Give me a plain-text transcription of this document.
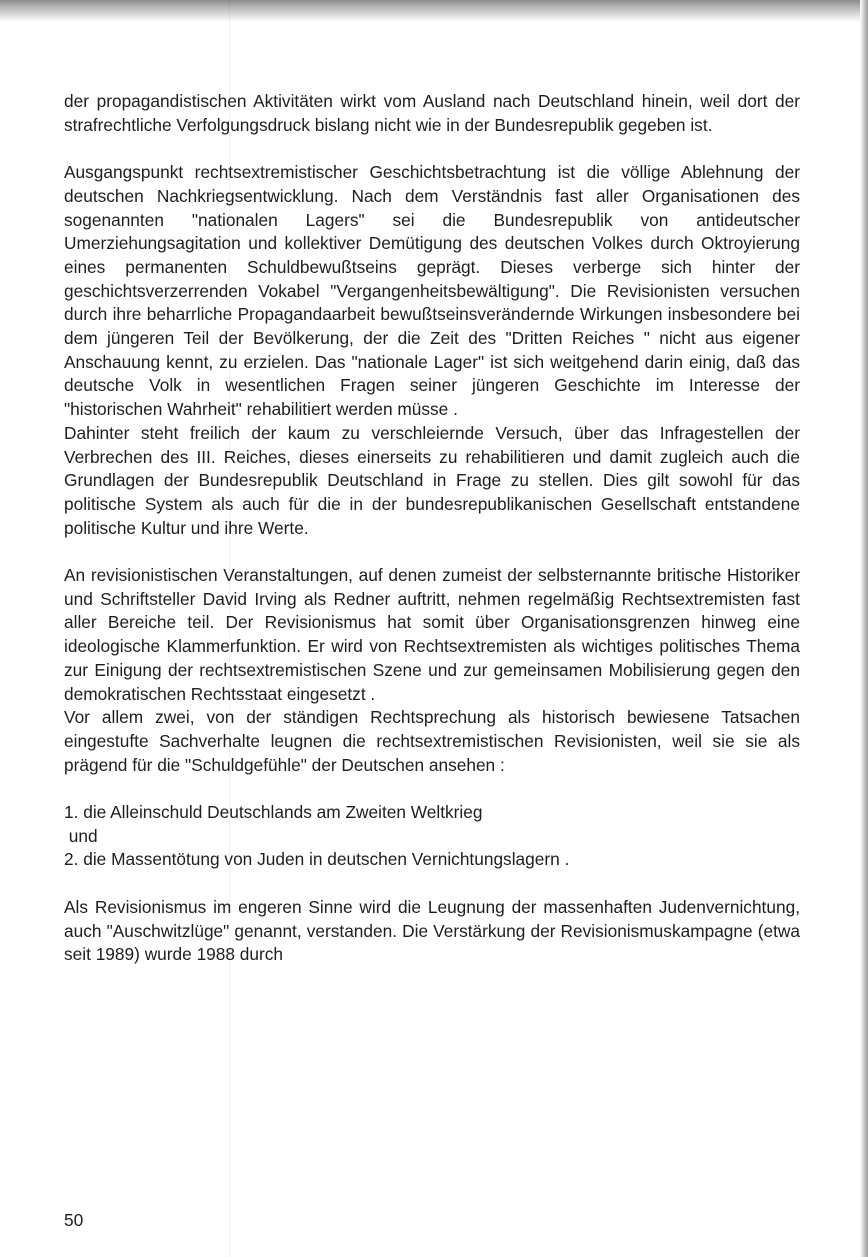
der propagandistischen Aktivitäten wirkt vom Ausland nach Deutschland hinein, weil dort der strafrechtliche Verfolgungsdruck bislang nicht wie in der Bundesrepublik gegeben ist.

Ausgangspunkt rechtsextremistischer Geschichtsbetrachtung ist die völlige Ablehnung der deutschen Nachkriegsentwicklung. Nach dem Verständnis fast aller Organisationen des sogenannten "nationalen Lagers" sei die Bundesrepublik von antideutscher Umerziehungsagitation und kollektiver Demütigung des deutschen Volkes durch Oktroyierung eines permanenten Schuldbewußtseins geprägt. Dieses verberge sich hinter der geschichtsverzerrenden Vokabel "Vergangenheitsbewältigung". Die Revisionisten versuchen durch ihre beharrliche Propagandaarbeit bewußtseinsverändernde Wirkungen insbesondere bei dem jüngeren Teil der Bevölkerung, der die Zeit des "Dritten Reiches " nicht aus eigener Anschauung kennt, zu erzielen. Das "nationale Lager" ist sich weitgehend darin einig, daß das deutsche Volk in wesentlichen Fragen seiner jüngeren Geschichte im Interesse der "historischen Wahrheit" rehabilitiert werden müsse .

Dahinter steht freilich der kaum zu verschleiernde Versuch, über das Infragestellen der Verbrechen des III. Reiches, dieses einerseits zu rehabilitieren und damit zugleich auch die Grundlagen der Bundesrepublik Deutschland in Frage zu stellen. Dies gilt sowohl für das politische System als auch für die in der bundesrepublikanischen Gesellschaft entstandene politische Kultur und ihre Werte.

An revisionistischen Veranstaltungen, auf denen zumeist der selbsternannte britische Historiker und Schriftsteller David Irving als Redner auftritt, nehmen regelmäßig Rechtsextremisten fast aller Bereiche teil. Der Revisionismus hat somit über Organisationsgrenzen hinweg eine ideologische Klammerfunktion. Er wird von Rechtsextremisten als wichtiges politisches Thema zur Einigung der rechtsextremistischen Szene und zur gemeinsamen Mobilisierung gegen den demokratischen Rechtsstaat eingesetzt .

Vor allem zwei, von der ständigen Rechtsprechung als historisch bewiesene Tatsachen eingestufte Sachverhalte leugnen die rechtsextremistischen Revisionisten, weil sie sie als prägend für die "Schuldgefühle" der Deutschen ansehen :

1. die Alleinschuld Deutschlands am Zweiten Weltkrieg

und

2. die Massentötung von Juden in deutschen Vernichtungslagern .

Als Revisionismus im engeren Sinne wird die Leugnung der massenhaften Judenvernichtung, auch "Auschwitzlüge" genannt, verstanden. Die Verstärkung der Revisionismuskampagne (etwa seit 1989) wurde 1988 durch

50
